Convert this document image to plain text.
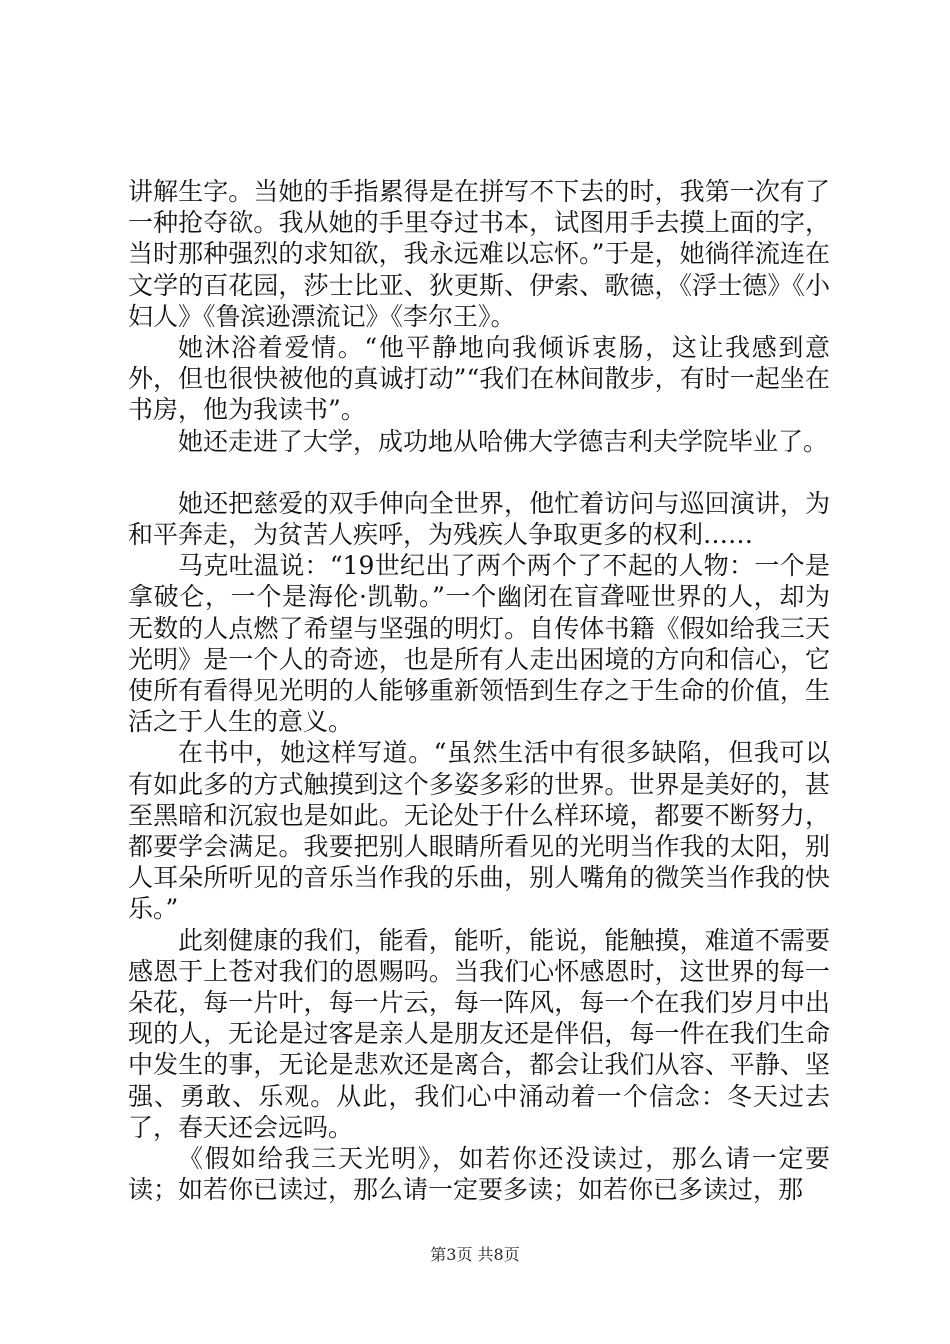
讲解生字。当她的手指累得是在拼写不下去的时，我第一次有了一种抢夺欲。我从她的手里夺过书本，试图用手去摸上面的字，当时那种强烈的求知欲，我永远难以忘怀。”于是，她徜徉流连在文学的百花园，莎士比亚、狄更斯、伊索、歌德，《浮士德》《小妇人》《鲁滨逊漂流记》《李尔王》。

她沐浴着爱情。“他平静地向我倾诉衷肠，这让我感到意外，但也很快被他的真诚打动”“我们在林间散步，有时一起坐在书房，他为我读书”。

她还走进了大学，成功地从哈佛大学德吉利夫学院毕业了。

她还把慈爱的双手伸向全世界，他忙着访问与巡回演讲，为和平奔走，为贫苦人疾呼，为残疾人争取更多的权利……

马克吐温说：“19世纪出了两个两个了不起的人物：一个是拿破仑，一个是海伦·凯勒。”一个幽闭在盲聋哑世界的人，却为无数的人点燃了希望与坚强的明灯。自传体书籍《假如给我三天光明》是一个人的奇迹，也是所有人走出困境的方向和信心，它使所有看得见光明的人能够重新领悟到生存之于生命的价值，生活之于人生的意义。

在书中，她这样写道。“虽然生活中有很多缺陷，但我可以有如此多的方式触摸到这个多姿多彩的世界。世界是美好的，甚至黑暗和沉寂也是如此。无论处于什么样环境，都要不断努力，都要学会满足。我要把别人眼睛所看见的光明当作我的太阳，别人耳朵所听见的音乐当作我的乐曲，别人嘴角的微笑当作我的快乐。”

此刻健康的我们，能看，能听，能说，能触摸，难道不需要感恩于上苍对我们的恩赐吗。当我们心怀感恩时，这世界的每一朵花，每一片叶，每一片云，每一阵风，每一个在我们岁月中出现的人，无论是过客是亲人是朋友还是伴侣，每一件在我们生命中发生的事，无论是悲欢还是离合，都会让我们从容、平静、坚强、勇敢、乐观。从此，我们心中涌动着一个信念：冬天过去了，春天还会远吗。

《假如给我三天光明》，如若你还没读过，那么请一定要读；如若你已读过，那么请一定要多读；如若你已多读过，那

第3页 共8页
